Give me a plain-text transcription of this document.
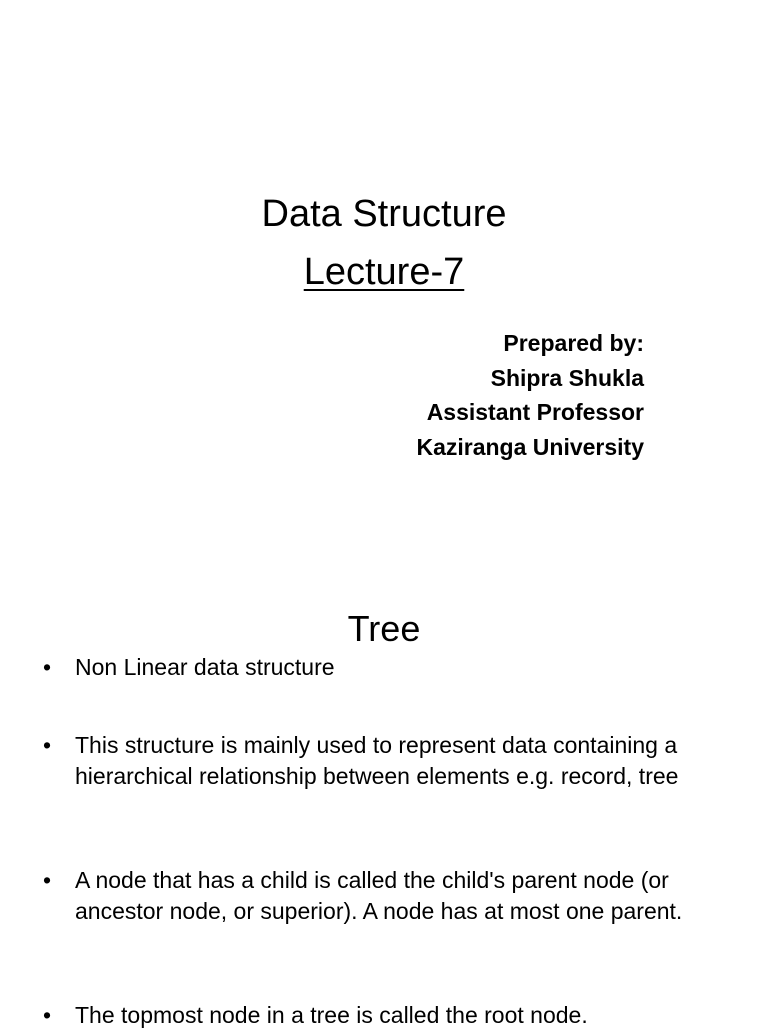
Data Structure
Lecture-7
Prepared by:
Shipra Shukla
Assistant Professor
Kaziranga University
Tree
•	Non Linear data structure
•	This structure is mainly used to represent data containing a hierarchical relationship between elements e.g. record, tree
•	A node that has a child is called the child's parent node (or ancestor node, or superior). A node has at most one parent.
•	The topmost node in a tree is called the root node.
